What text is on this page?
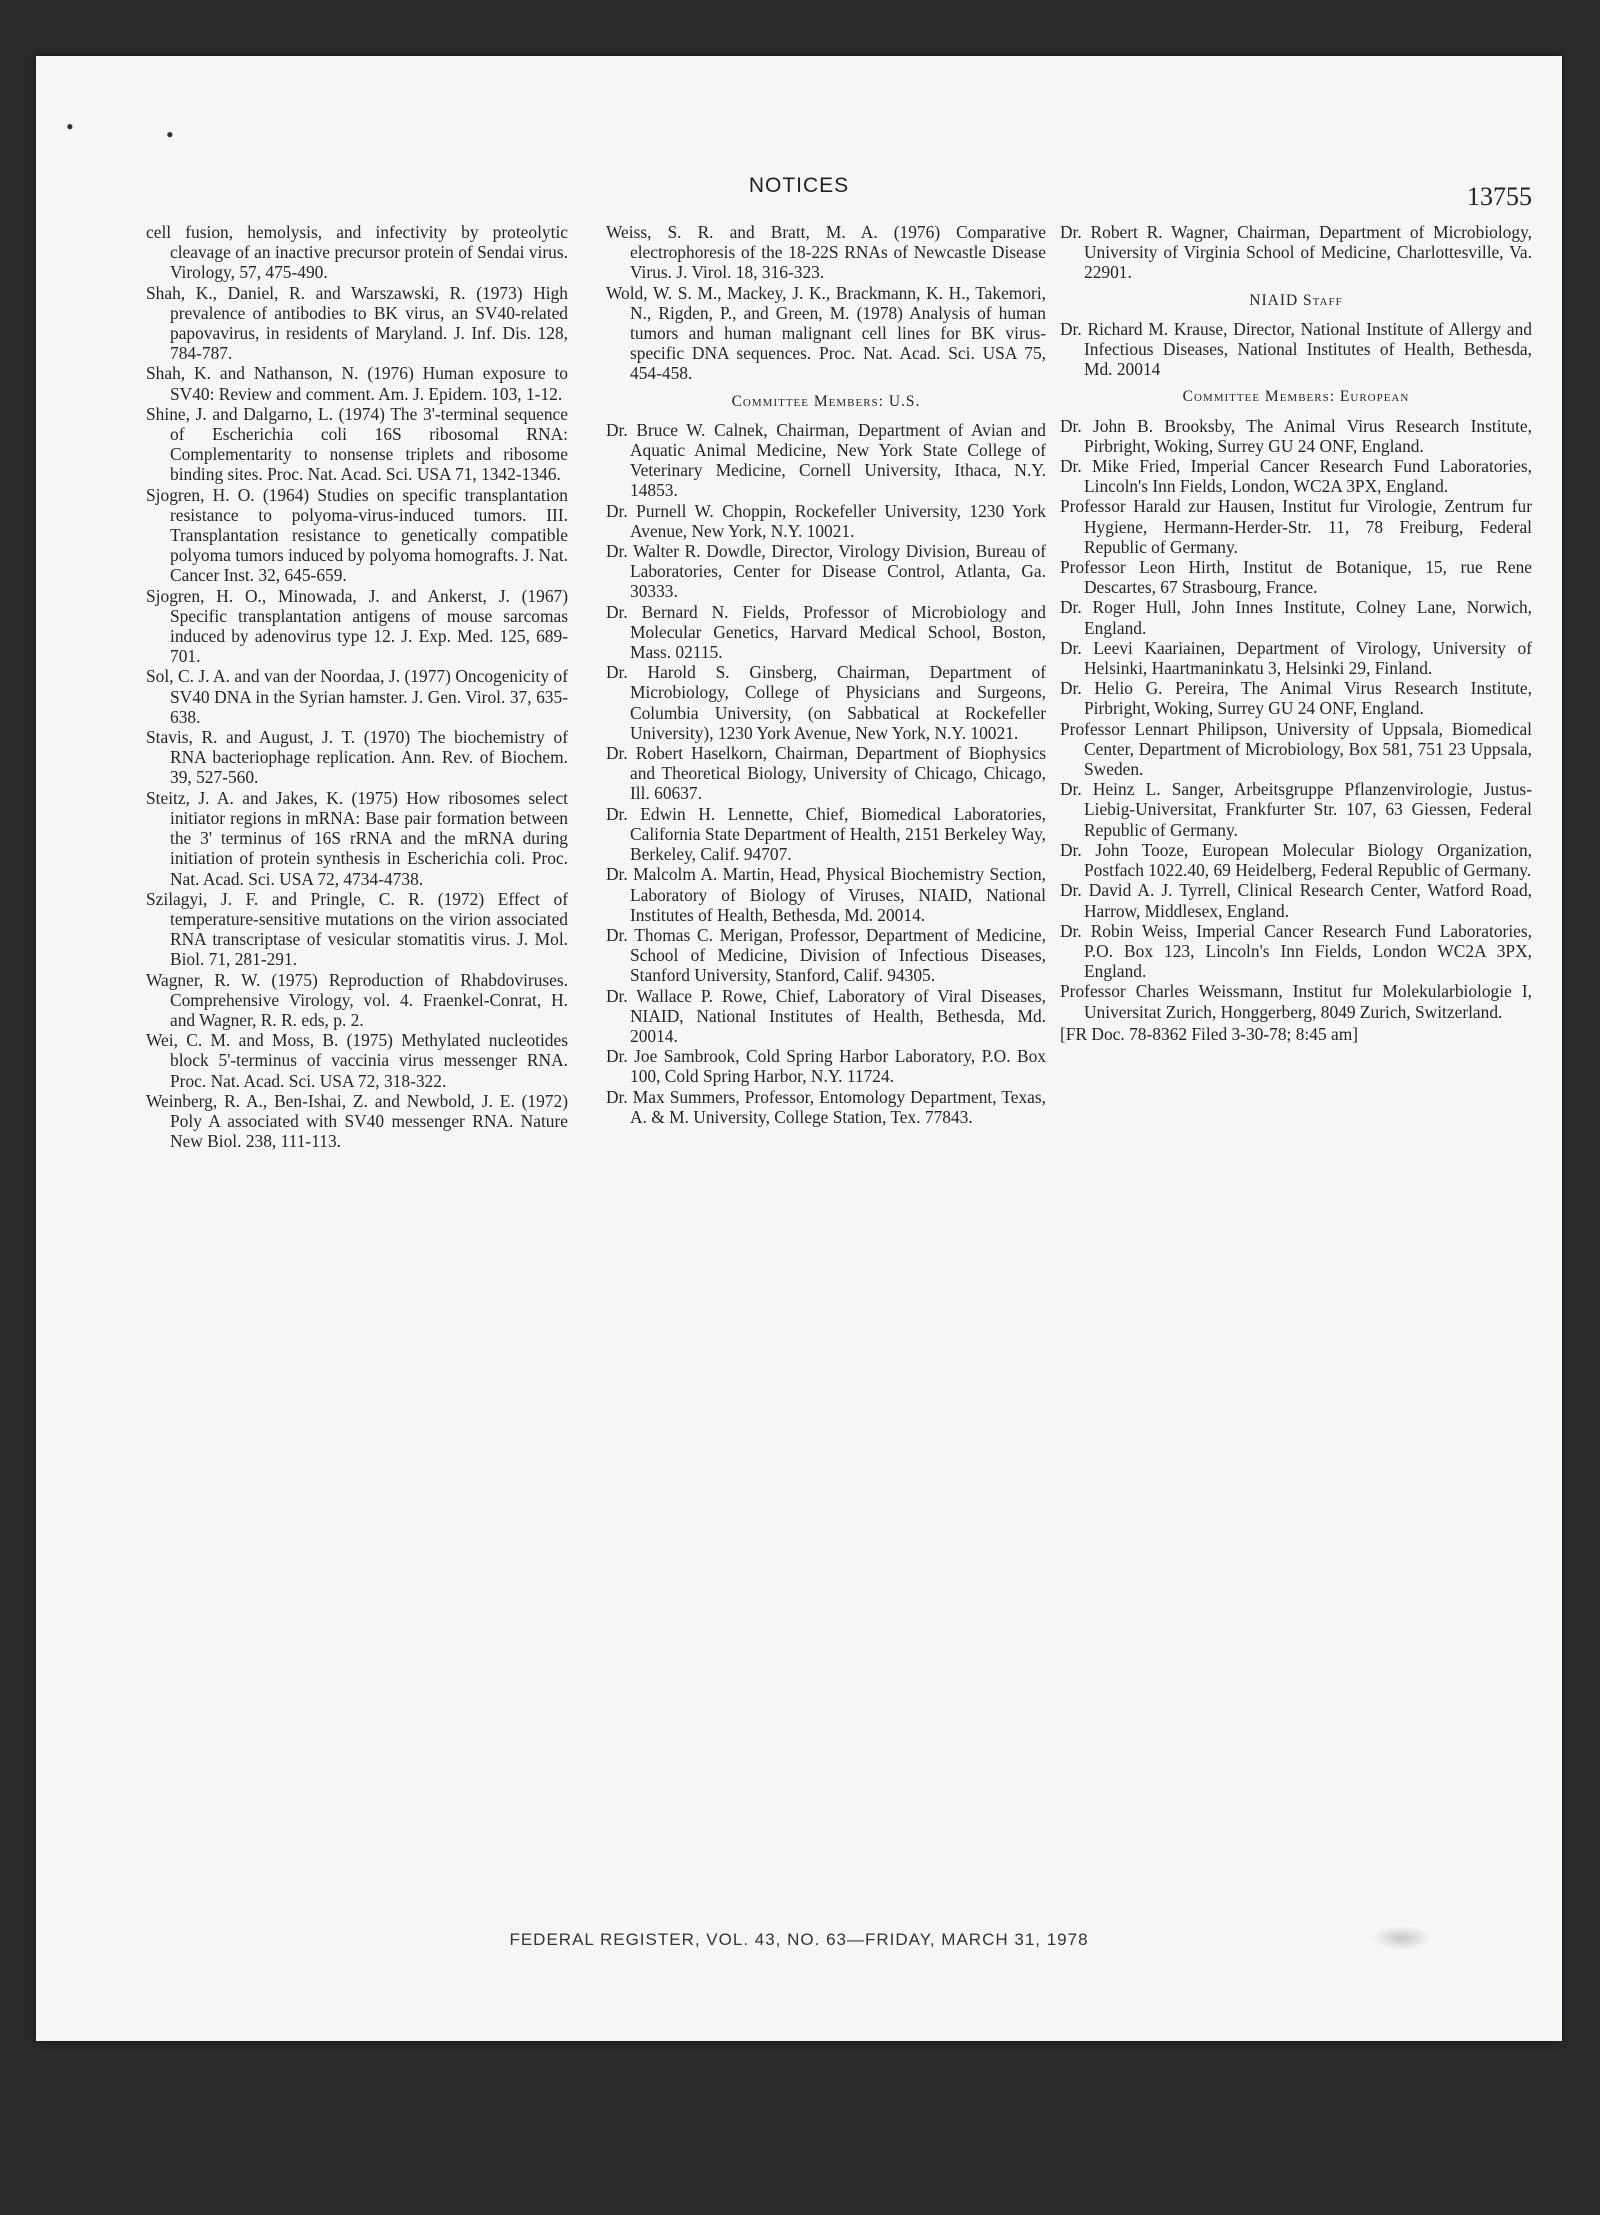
•	•
NOTICES	13755

cell fusion, hemolysis, and infectivity by proteolytic cleavage of an inactive precursor protein of Sendai virus. Virology, 57, 475-490.

Shah, K., Daniel, R. and Warszawski, R. (1973) High prevalence of antibodies to BK virus, an SV40-related papovavirus, in residents of Maryland. J. Inf. Dis. 128, 784-787.

Shah, K. and Nathanson, N. (1976) Human exposure to SV40: Review and comment. Am. J. Epidem. 103, 1-12.

Shine, J. and Dalgarno, L. (1974) The 3'-terminal sequence of Escherichia coli 16S ribosomal RNA: Complementarity to nonsense triplets and ribosome binding sites. Proc. Nat. Acad. Sci. USA 71, 1342-1346.

Sjogren, H. O. (1964) Studies on specific transplantation resistance to polyoma-virus-induced tumors. III. Transplantation resistance to genetically compatible polyoma tumors induced by polyoma homografts. J. Nat. Cancer Inst. 32, 645-659.

Sjogren, H. O., Minowada, J. and Ankerst, J. (1967) Specific transplantation antigens of mouse sarcomas induced by adenovirus type 12. J. Exp. Med. 125, 689-701.

Sol, C. J. A. and van der Noordaa, J. (1977) Oncogenicity of SV40 DNA in the Syrian hamster. J. Gen. Virol. 37, 635-638.

Stavis, R. and August, J. T. (1970) The biochemistry of RNA bacteriophage replication. Ann. Rev. of Biochem. 39, 527-560.

Steitz, J. A. and Jakes, K. (1975) How ribosomes select initiator regions in mRNA: Base pair formation between the 3' terminus of 16S rRNA and the mRNA during initiation of protein synthesis in Escherichia coli. Proc. Nat. Acad. Sci. USA 72, 4734-4738.

Szilagyi, J. F. and Pringle, C. R. (1972) Effect of temperature-sensitive mutations on the virion associated RNA transcriptase of vesicular stomatitis virus. J. Mol. Biol. 71, 281-291.

Wagner, R. W. (1975) Reproduction of Rhabdoviruses. Comprehensive Virology, vol. 4. Fraenkel-Conrat, H. and Wagner, R. R. eds, p. 2.

Wei, C. M. and Moss, B. (1975) Methylated nucleotides block 5'-terminus of vaccinia virus messenger RNA. Proc. Nat. Acad. Sci. USA 72, 318-322.

Weinberg, R. A., Ben-Ishai, Z. and Newbold, J. E. (1972) Poly A associated with SV40 messenger RNA. Nature New Biol. 238, 111-113.

Weiss, S. R. and Bratt, M. A. (1976) Comparative electrophoresis of the 18-22S RNAs of Newcastle Disease Virus. J. Virol. 18, 316-323.

Wold, W. S. M., Mackey, J. K., Brackmann, K. H., Takemori, N., Rigden, P., and Green, M. (1978) Analysis of human tumors and human malignant cell lines for BK virus-specific DNA sequences. Proc. Nat. Acad. Sci. USA 75, 454-458.

Committee Members: U.S.

Dr. Bruce W. Calnek, Chairman, Department of Avian and Aquatic Animal Medicine, New York State College of Veterinary Medicine, Cornell University, Ithaca, N.Y. 14853.

Dr. Purnell W. Choppin, Rockefeller University, 1230 York Avenue, New York, N.Y. 10021.

Dr. Walter R. Dowdle, Director, Virology Division, Bureau of Laboratories, Center for Disease Control, Atlanta, Ga. 30333.

Dr. Bernard N. Fields, Professor of Microbiology and Molecular Genetics, Harvard Medical School, Boston, Mass. 02115.

Dr. Harold S. Ginsberg, Chairman, Department of Microbiology, College of Physicians and Surgeons, Columbia University, (on Sabbatical at Rockefeller University), 1230 York Avenue, New York, N.Y. 10021.

Dr. Robert Haselkorn, Chairman, Department of Biophysics and Theoretical Biology, University of Chicago, Chicago, Ill. 60637.

Dr. Edwin H. Lennette, Chief, Biomedical Laboratories, California State Department of Health, 2151 Berkeley Way, Berkeley, Calif. 94707.

Dr. Malcolm A. Martin, Head, Physical Biochemistry Section, Laboratory of Biology of Viruses, NIAID, National Institutes of Health, Bethesda, Md. 20014.

Dr. Thomas C. Merigan, Professor, Department of Medicine, School of Medicine, Division of Infectious Diseases, Stanford University, Stanford, Calif. 94305.

Dr. Wallace P. Rowe, Chief, Laboratory of Viral Diseases, NIAID, National Institutes of Health, Bethesda, Md. 20014.

Dr. Joe Sambrook, Cold Spring Harbor Laboratory, P.O. Box 100, Cold Spring Harbor, N.Y. 11724.

Dr. Max Summers, Professor, Entomology Department, Texas, A. & M. University, College Station, Tex. 77843.

Dr. Robert R. Wagner, Chairman, Department of Microbiology, University of Virginia School of Medicine, Charlottesville, Va. 22901.

NIAID Staff

Dr. Richard M. Krause, Director, National Institute of Allergy and Infectious Diseases, National Institutes of Health, Bethesda, Md. 20014

Committee Members: European

Dr. John B. Brooksby, The Animal Virus Research Institute, Pirbright, Woking, Surrey GU 24 ONF, England.

Dr. Mike Fried, Imperial Cancer Research Fund Laboratories, Lincoln's Inn Fields, London, WC2A 3PX, England.

Professor Harald zur Hausen, Institut fur Virologie, Zentrum fur Hygiene, Hermann-Herder-Str. 11, 78 Freiburg, Federal Republic of Germany.

Professor Leon Hirth, Institut de Botanique, 15, rue Rene Descartes, 67 Strasbourg, France.

Dr. Roger Hull, John Innes Institute, Colney Lane, Norwich, England.

Dr. Leevi Kaariainen, Department of Virology, University of Helsinki, Haartmaninkatu 3, Helsinki 29, Finland.

Dr. Helio G. Pereira, The Animal Virus Research Institute, Pirbright, Woking, Surrey GU 24 ONF, England.

Professor Lennart Philipson, University of Uppsala, Biomedical Center, Department of Microbiology, Box 581, 751 23 Uppsala, Sweden.

Dr. Heinz L. Sanger, Arbeitsgruppe Pflanzenvirologie, Justus-Liebig-Universitat, Frankfurter Str. 107, 63 Giessen, Federal Republic of Germany.

Dr. John Tooze, European Molecular Biology Organization, Postfach 1022.40, 69 Heidelberg, Federal Republic of Germany.

Dr. David A. J. Tyrrell, Clinical Research Center, Watford Road, Harrow, Middlesex, England.

Dr. Robin Weiss, Imperial Cancer Research Fund Laboratories, P.O. Box 123, Lincoln's Inn Fields, London WC2A 3PX, England.

Professor Charles Weissmann, Institut fur Molekularbiologie I, Universitat Zurich, Honggerberg, 8049 Zurich, Switzerland.

[FR Doc. 78-8362 Filed 3-30-78; 8:45 am]

FEDERAL REGISTER, VOL. 43, NO. 63—FRIDAY, MARCH 31, 1978
